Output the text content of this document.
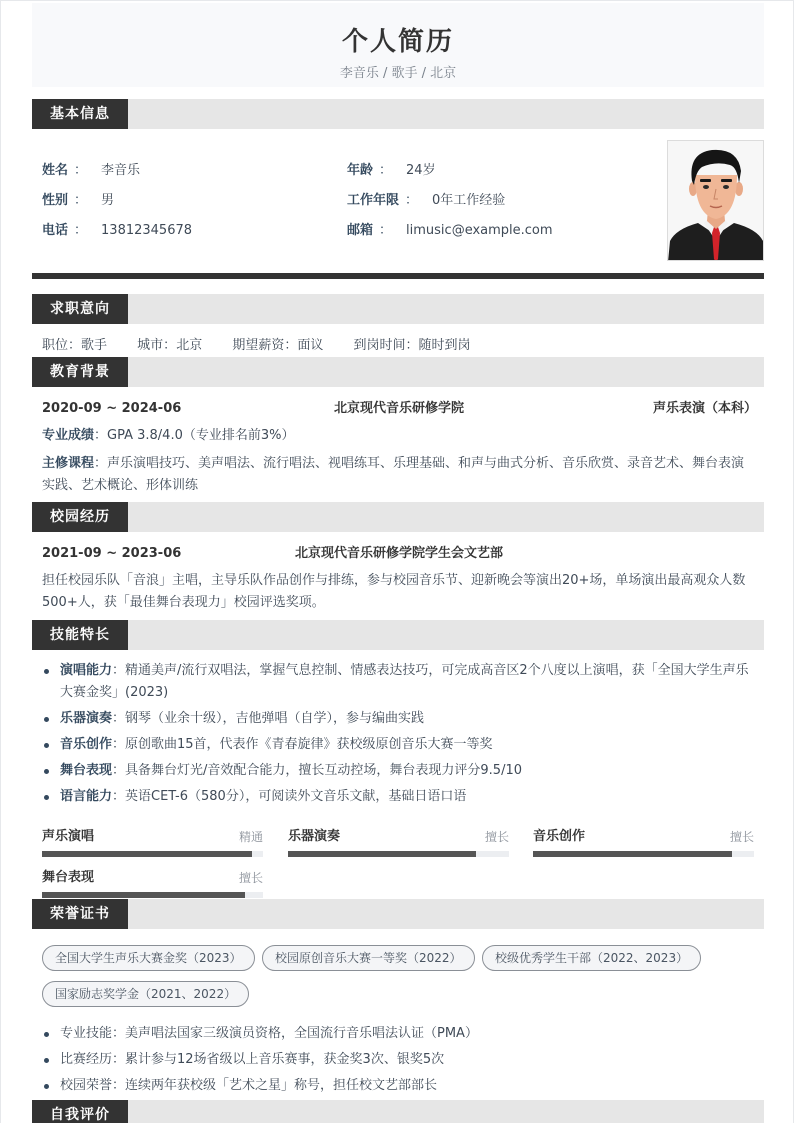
个人简历
李音乐 / 歌手 / 北京
基本信息
姓名 ： 李音乐
性别 ： 男
电话 ： 13812345678
年龄 ： 24岁
工作年限 ： 0年工作经验
邮箱 ： limusic@example.com
求职意向
职位：歌手 城市：北京 期望薪资：面议 到岗时间：随时到岗
教育背景
2020-09 ~ 2024-06	北京现代音乐研修学院	声乐表演（本科）
专业成绩：GPA 3.8/4.0（专业排名前3%）
主修课程：声乐演唱技巧、美声唱法、流行唱法、视唱练耳、乐理基础、和声与曲式分析、音乐欣赏、录音艺术、舞台表演实践、艺术概论、形体训练
校园经历
2021-09 ~ 2023-06	北京现代音乐研修学院学生会文艺部
担任校园乐队「音浪」主唱，主导乐队作品创作与排练，参与校园音乐节、迎新晚会等演出20+场，单场演出最高观众人数500+人，获「最佳舞台表现力」校园评选奖项。
技能特长
演唱能力：精通美声/流行双唱法，掌握气息控制、情感表达技巧，可完成高音区2个八度以上演唱，获「全国大学生声乐大赛金奖」(2023)
乐器演奏：钢琴（业余十级），吉他弹唱（自学），参与编曲实践
音乐创作：原创歌曲15首，代表作《青春旋律》获校级原创音乐大赛一等奖
舞台表现：具备舞台灯光/音效配合能力，擅长互动控场，舞台表现力评分9.5/10
语言能力：英语CET-6（580分），可阅读外文音乐文献，基础日语口语
声乐演唱	精通 乐器演奏	擅长 音乐创作	擅长
舞台表现	擅长
荣誉证书
全国大学生声乐大赛金奖（2023）	校园原创音乐大赛一等奖（2022）	校级优秀学生干部（2022、2023）
国家励志奖学金（2021、2022）
专业技能：美声唱法国家三级演员资格，全国流行音乐唱法认证（PMA）
比赛经历：累计参与12场省级以上音乐赛事，获金奖3次、银奖5次
校园荣誉：连续两年获校级「艺术之星」称号，担任校文艺部部长
自我评价
